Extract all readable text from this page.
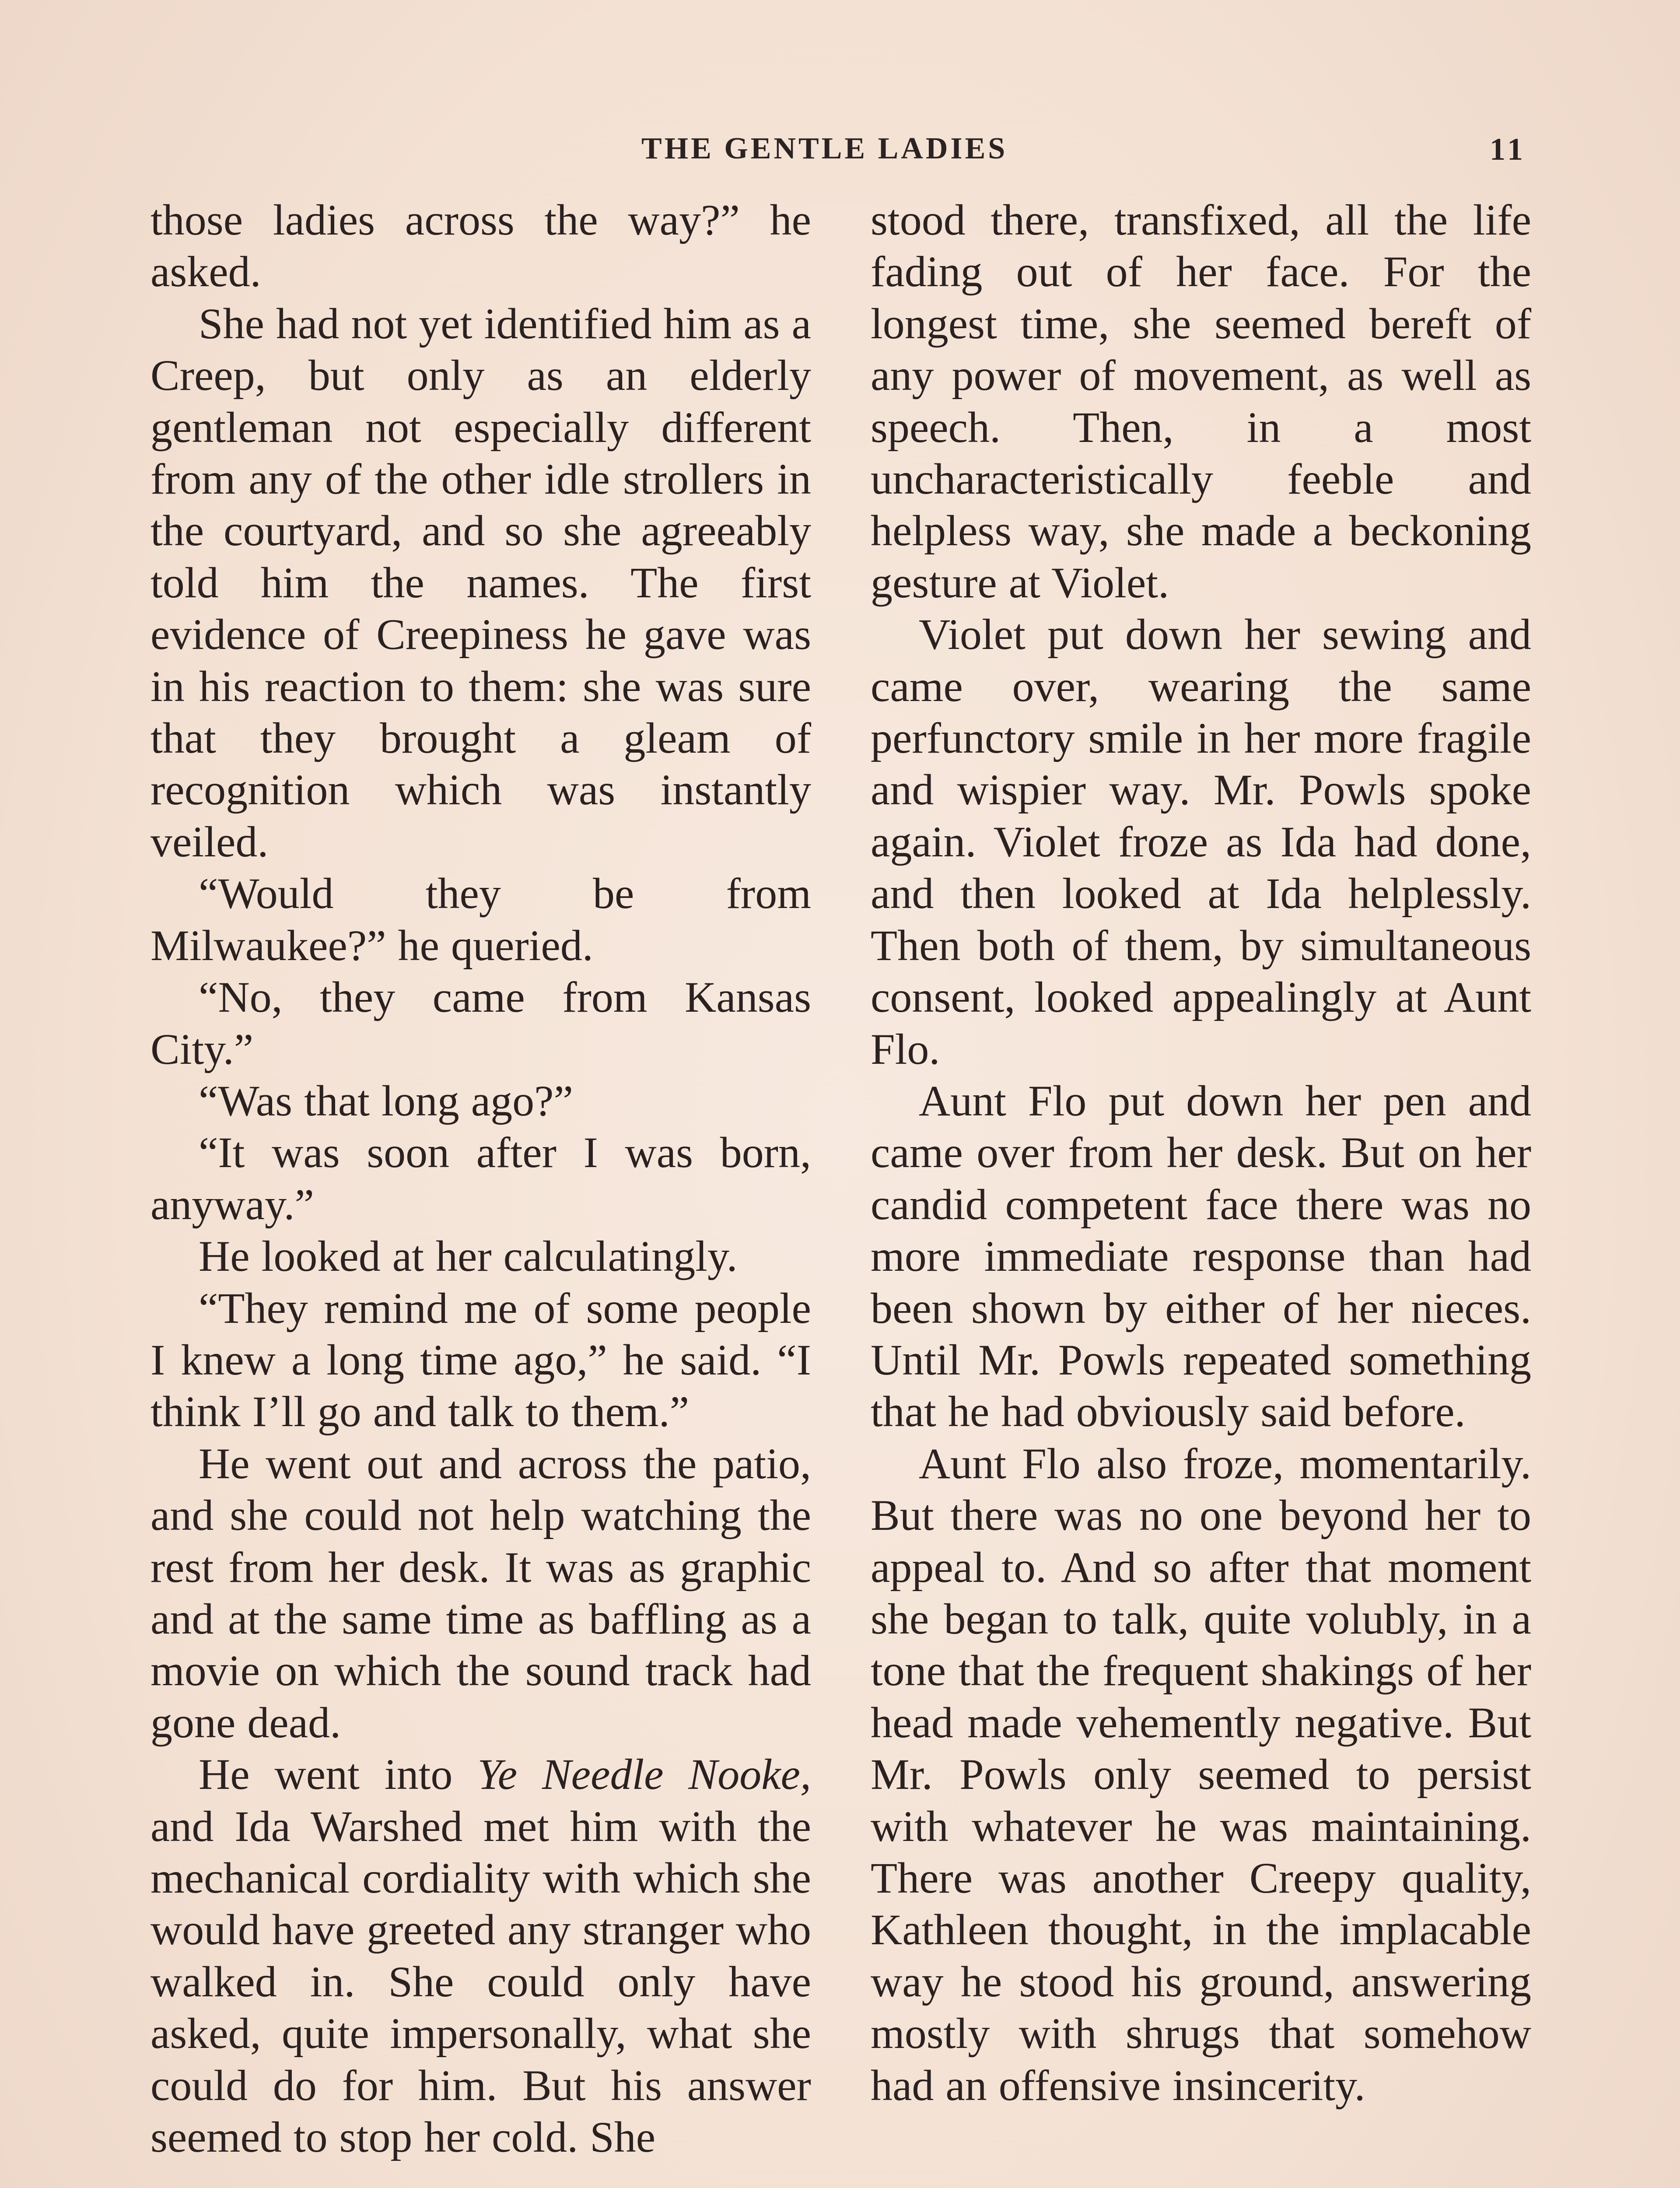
THE GENTLE LADIES	11

those ladies across the way?” he asked.

She had not yet identified him as a Creep, but only as an elderly gentleman not especially different from any of the other idle strollers in the courtyard, and so she agreeably told him the names. The first evidence of Creepiness he gave was in his reaction to them: she was sure that they brought a gleam of recognition which was instantly veiled.

“Would they be from Milwaukee?” he queried.

“No, they came from Kansas City.”

“Was that long ago?”

“It was soon after I was born, anyway.”

He looked at her calculatingly.

“They remind me of some people I knew a long time ago,” he said. “I think I’ll go and talk to them.”

He went out and across the patio, and she could not help watching the rest from her desk. It was as graphic and at the same time as baffling as a movie on which the sound track had gone dead.

He went into Ye Needle Nooke, and Ida Warshed met him with the mechanical cordiality with which she would have greeted any stranger who walked in. She could only have asked, quite impersonally, what she could do for him. But his answer seemed to stop her cold. She

stood there, transfixed, all the life fading out of her face. For the longest time, she seemed bereft of any power of movement, as well as speech. Then, in a most uncharacteristically feeble and helpless way, she made a beckoning gesture at Violet.

Violet put down her sewing and came over, wearing the same perfunctory smile in her more fragile and wispier way. Mr. Powls spoke again. Violet froze as Ida had done, and then looked at Ida helplessly. Then both of them, by simultaneous consent, looked appealingly at Aunt Flo.

Aunt Flo put down her pen and came over from her desk. But on her candid competent face there was no more immediate response than had been shown by either of her nieces. Until Mr. Powls repeated something that he had obviously said before.

Aunt Flo also froze, momentarily. But there was no one beyond her to appeal to. And so after that moment she began to talk, quite volubly, in a tone that the frequent shakings of her head made vehemently negative. But Mr. Powls only seemed to persist with whatever he was maintaining. There was another Creepy quality, Kathleen thought, in the implacable way he stood his ground, answering mostly with shrugs that somehow had an offensive insincerity.
